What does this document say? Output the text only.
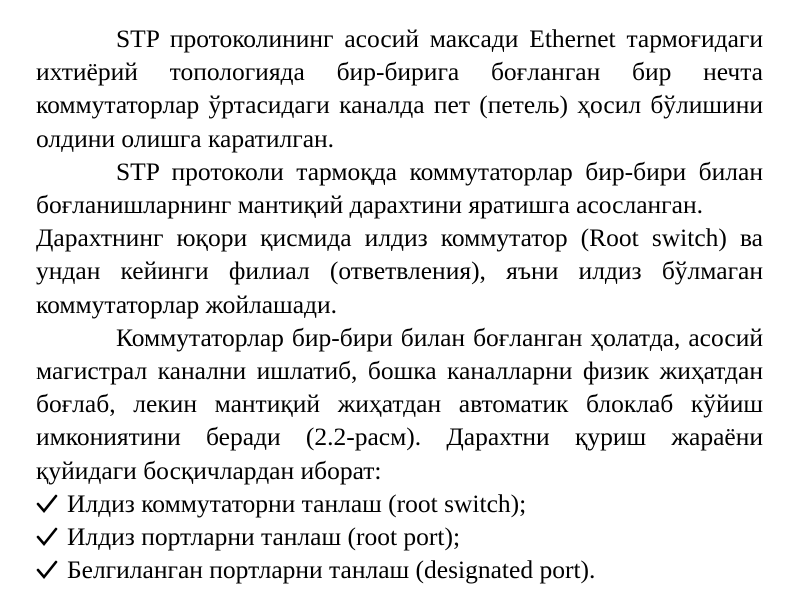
STP протоколининг асосий максади Ethernet тармоғидаги ихтиёрий топологияда бир-бирига боғланган бир нечта коммутаторлар ўртасидаги каналда пет (петель) ҳосил бўлишини олдини олишга каратилган.

STP протоколи тармоқда коммутаторлар бир-бири билан боғланишларнинг мантиқий дарахтини яратишга асосланган.

Дарахтнинг юқори қисмида илдиз коммутатор (Root switch) ва ундан кейинги филиал (ответвления), яъни илдиз бўлмаган коммутаторлар жойлашади.

Коммутаторлар бир-бири билан боғланган ҳолатда, асосий магистрал канални ишлатиб, бошка каналларни физик жиҳатдан боғлаб, лекин мантиқий жиҳатдан автоматик блоклаб кўйиш имкониятини беради (2.2-расм). Дарахтни қуриш жараёни қуйидаги босқичлардан иборат:

Илдиз коммутаторни танлаш (root switch);
Илдиз портларни танлаш (root port);
Белгиланган портларни танлаш (designated port).
